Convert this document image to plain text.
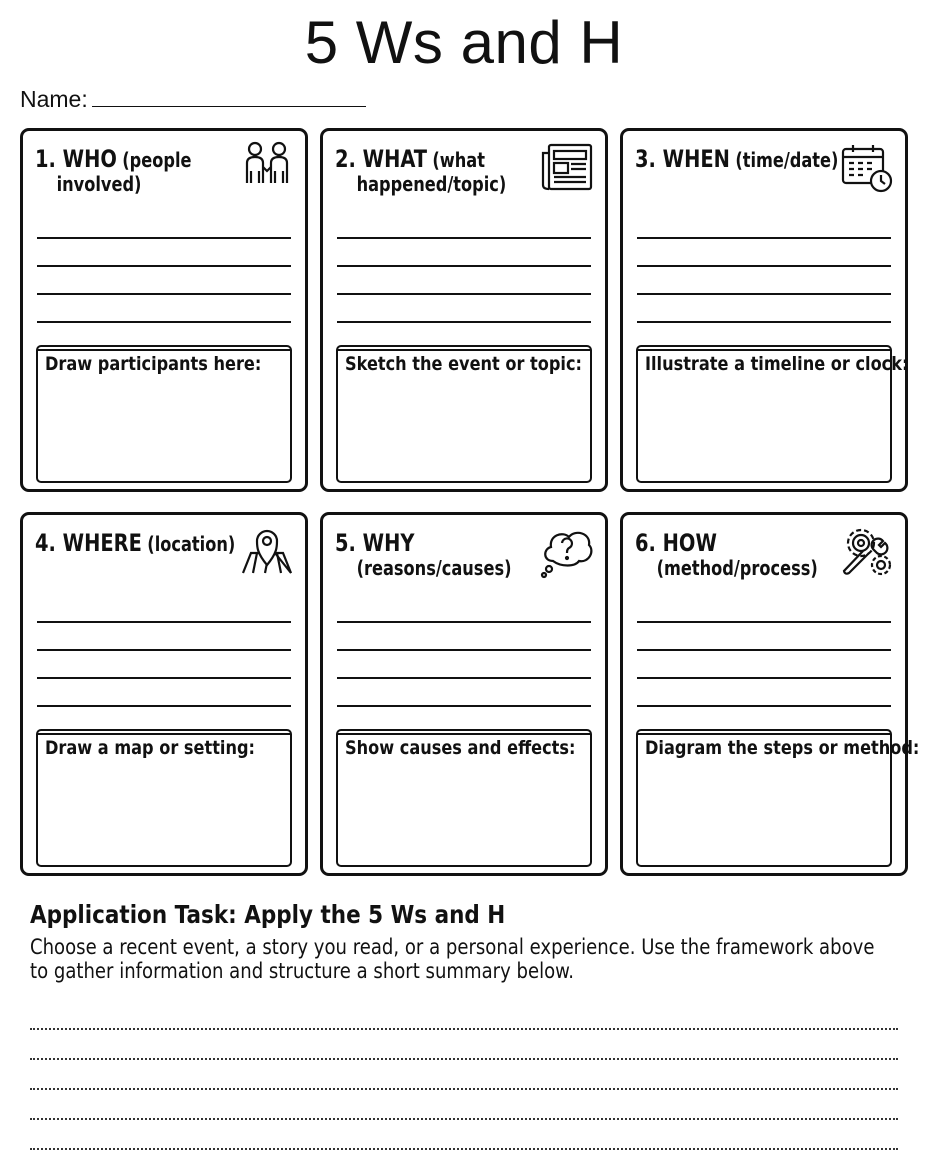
5 Ws and H
Name:
1. WHO (people
involved)
Draw participants here:
2. WHAT (what
happened/topic)
Sketch the event or topic:
3. WHEN (time/date)
Illustrate a timeline or clock:
4. WHERE (location)
Draw a map or setting:
5. WHY
(reasons/causes)
Show causes and effects:
6. HOW
(method/process)
Diagram the steps or method:
Application Task: Apply the 5 Ws and H
Choose a recent event, a story you read, or a personal experience. Use the framework above to gather information and structure a short summary below.
